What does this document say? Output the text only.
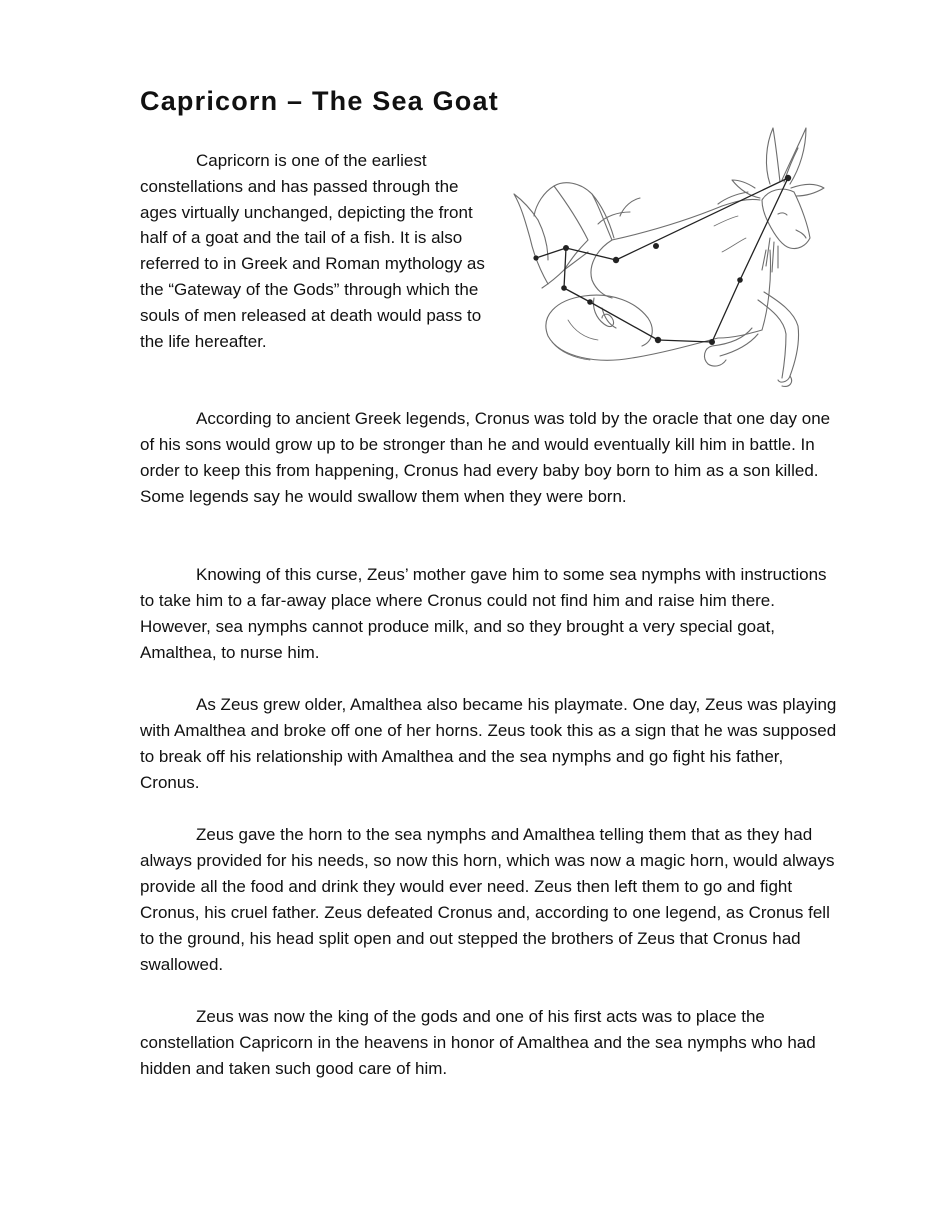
Capricorn – The Sea Goat

Capricorn is one of the earliest constellations and has passed through the ages virtually unchanged, depicting the front half of a goat and the tail of a fish. It is also referred to in Greek and Roman mythology as the “Gateway of the Gods” through which the souls of men released at death would pass to the life hereafter.

According to ancient Greek legends, Cronus was told by the oracle that one day one of his sons would grow up to be stronger than he and would eventually kill him in battle. In order to keep this from happening, Cronus had every baby boy born to him as a son killed. Some legends say he would swallow them when they were born.

Knowing of this curse, Zeus’ mother gave him to some sea nymphs with instructions to take him to a far-away place where Cronus could not find him and raise him there. However, sea nymphs cannot produce milk, and so they brought a very special goat, Amalthea, to nurse him.

As Zeus grew older, Amalthea also became his playmate. One day, Zeus was playing with Amalthea and broke off one of her horns. Zeus took this as a sign that he was supposed to break off his relationship with Amalthea and the sea nymphs and go fight his father, Cronus.

Zeus gave the horn to the sea nymphs and Amalthea telling them that as they had always provided for his needs, so now this horn, which was now a magic horn, would always provide all the food and drink they would ever need. Zeus then left them to go and fight Cronus, his cruel father. Zeus defeated Cronus and, according to one legend, as Cronus fell to the ground, his head split open and out stepped the brothers of Zeus that Cronus had swallowed.

Zeus was now the king of the gods and one of his first acts was to place the constellation Capricorn in the heavens in honor of Amalthea and the sea nymphs who had hidden and taken such good care of him.
